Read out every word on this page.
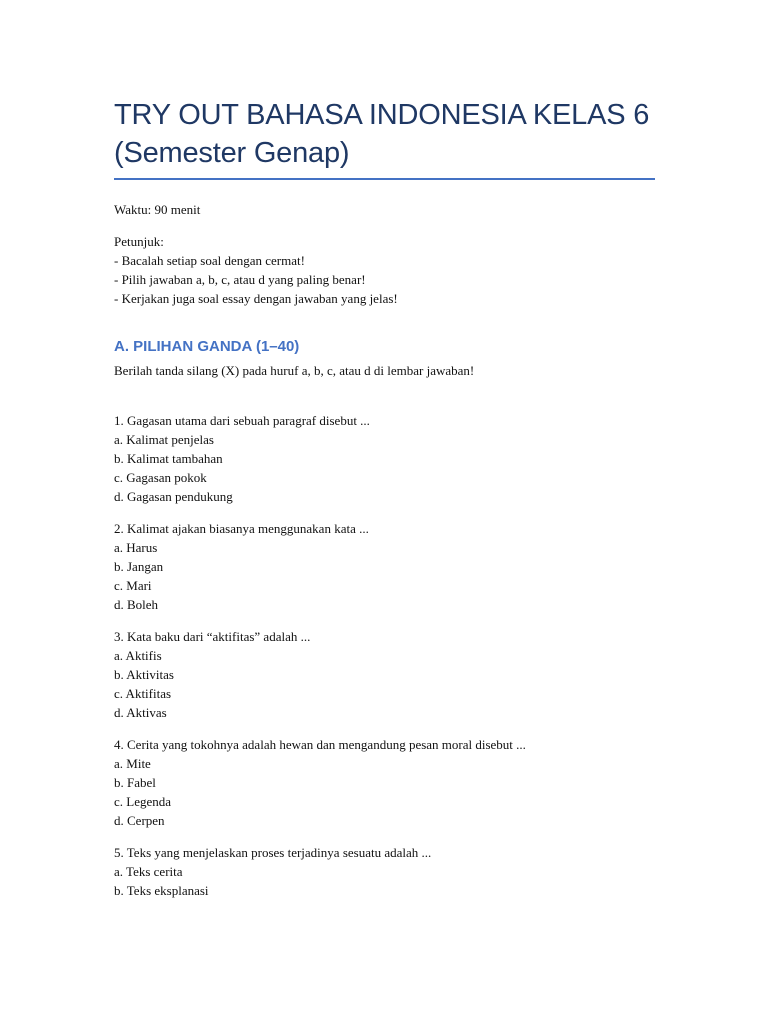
TRY OUT BAHASA INDONESIA KELAS 6
(Semester Genap)
Waktu: 90 menit
Petunjuk:
- Bacalah setiap soal dengan cermat!
- Pilih jawaban a, b, c, atau d yang paling benar!
- Kerjakan juga soal essay dengan jawaban yang jelas!
A. PILIHAN GANDA (1–40)
Berilah tanda silang (X) pada huruf a, b, c, atau d di lembar jawaban!
1. Gagasan utama dari sebuah paragraf disebut ...
a. Kalimat penjelas
b. Kalimat tambahan
c. Gagasan pokok
d. Gagasan pendukung
2. Kalimat ajakan biasanya menggunakan kata ...
a. Harus
b. Jangan
c. Mari
d. Boleh
3. Kata baku dari “aktifitas” adalah ...
a. Aktifis
b. Aktivitas
c. Aktifitas
d. Aktivas
4. Cerita yang tokohnya adalah hewan dan mengandung pesan moral disebut ...
a. Mite
b. Fabel
c. Legenda
d. Cerpen
5. Teks yang menjelaskan proses terjadinya sesuatu adalah ...
a. Teks cerita
b. Teks eksplanasi
